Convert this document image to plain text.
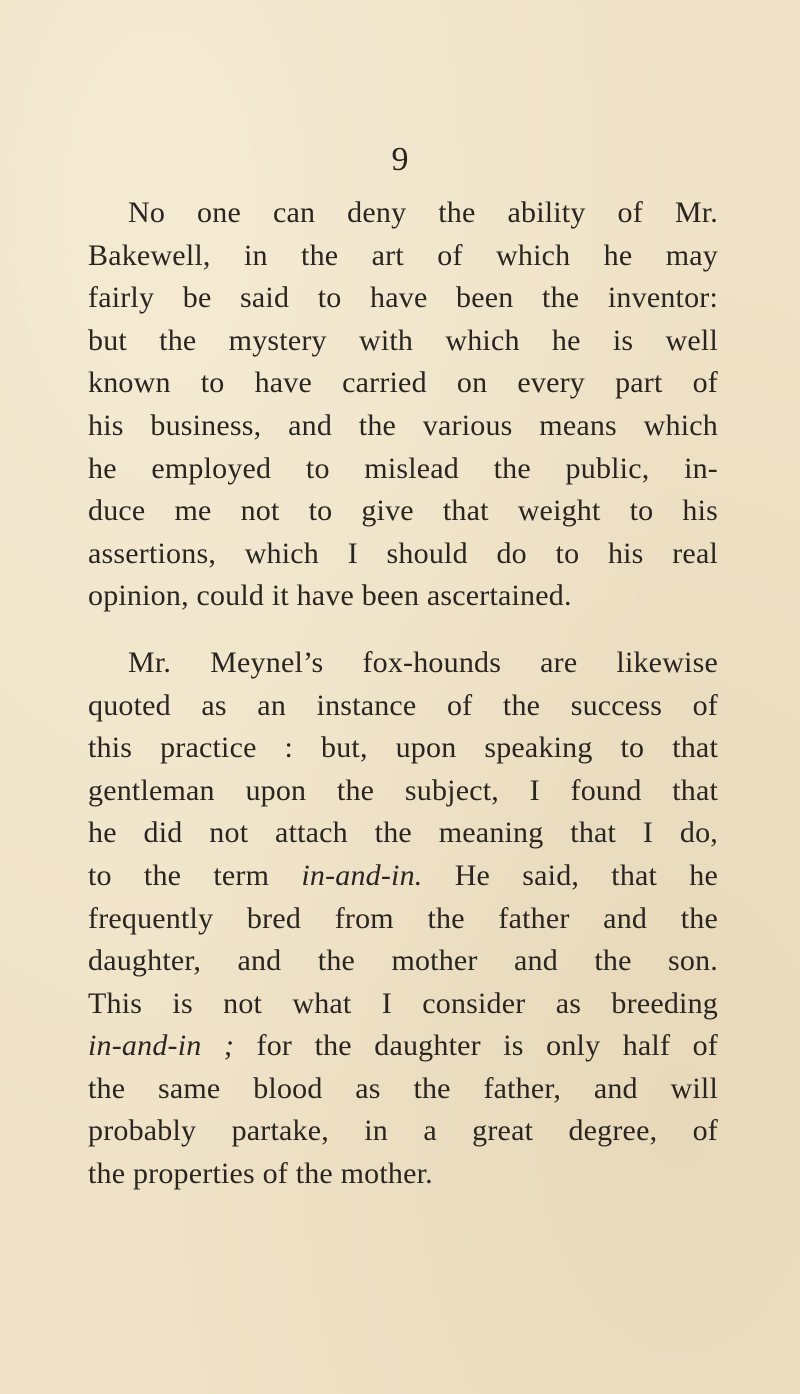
9
No one can deny the ability of Mr.
Bakewell, in the art of which he may
fairly be said to have been the inventor:
but the mystery with which he is well
known to have carried on every part of
his business, and the various means which
he employed to mislead the public, in-
duce me not to give that weight to his
assertions, which I should do to his real
opinion, could it have been ascertained.
Mr. Meynel’s fox-hounds are likewise
quoted as an instance of the success of
this practice : but, upon speaking to that
gentleman upon the subject, I found that
he did not attach the meaning that I do,
to the term in-and-in. He said, that he
frequently bred from the father and the
daughter, and the mother and the son.
This is not what I consider as breeding
in-and-in ; for the daughter is only half of
the same blood as the father, and will
probably partake, in a great degree, of
the properties of the mother.
